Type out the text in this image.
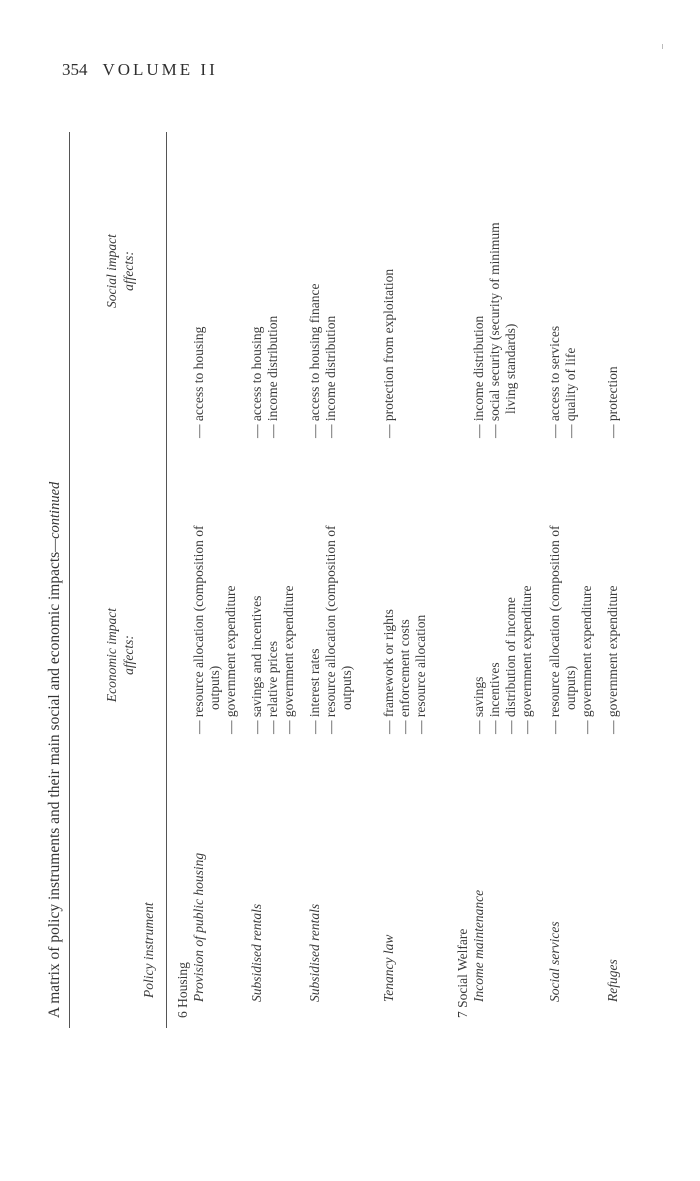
354 VOLUME II
A matrix of policy instruments and their main social and economic impacts—continued
Policy instrument
Economic impact affects:
Social impact affects:
6 Housing Provision of public housing
— resource allocation (composition of outputs) — government expenditure
— access to housing
Subsidised rentals
— savings and incentives — relative prices — government expenditure
— access to housing — income distribution
Subsidised rentals
— interest rates — resource allocation (composition of outputs)
— access to housing finance — income distribution
Tenancy law
— framework or rights — enforcement costs — resource allocation
— protection from exploitation
7 Social Welfare Income maintenance
— savings — incentives — distribution of income — government expenditure
— income distribution — social security (security of minimum living standards)
Social services
— resource allocation (composition of outputs) — government expenditure
— access to services — quality of life
Refuges
— government expenditure
— protection
